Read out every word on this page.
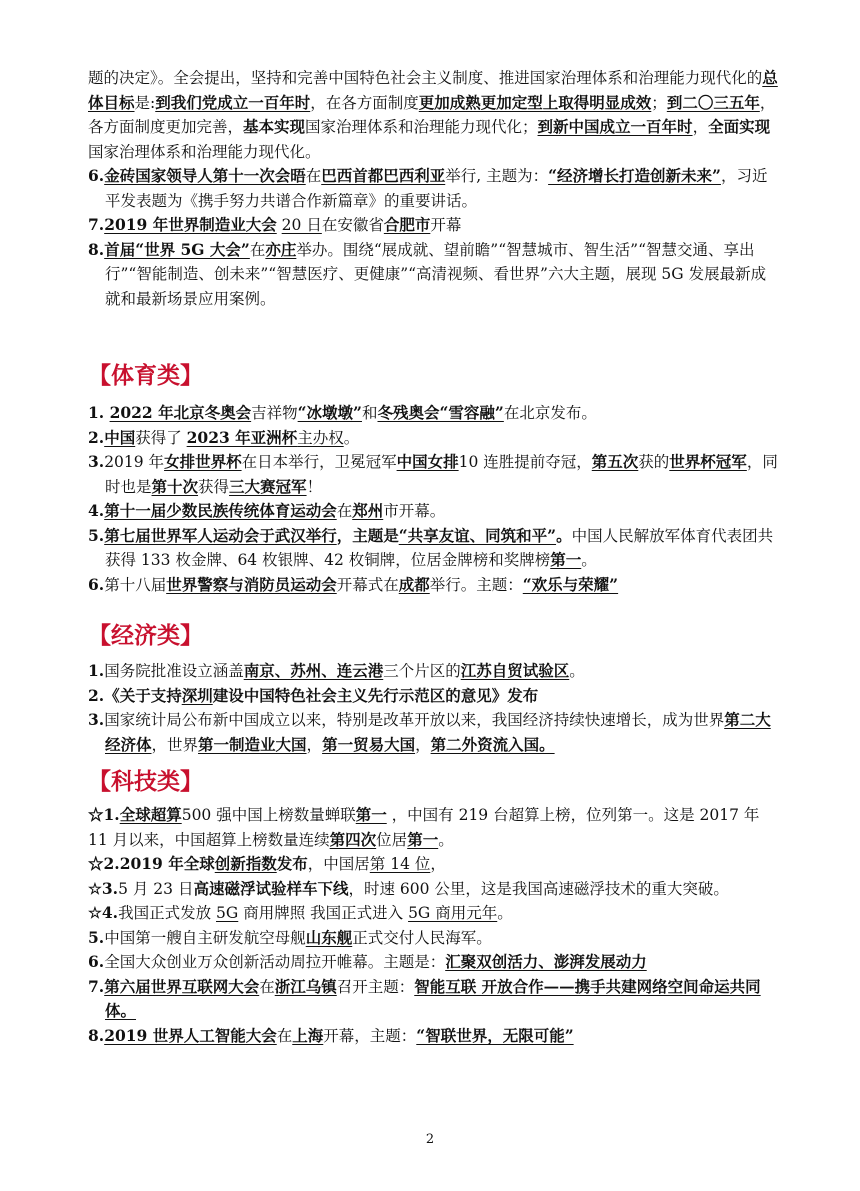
题的决定》。全会提出，坚持和完善中国特色社会主义制度、推进国家治理体系和治理能力现代化的总体目标是:到我们党成立一百年时，在各方面制度更加成熟更加定型上取得明显成效；到二〇三五年，各方面制度更加完善，基本实现国家治理体系和治理能力现代化；到新中国成立一百年时，全面实现国家治理体系和治理能力现代化。

6.金砖国家领导人第十一次会晤在巴西首都巴西利亚举行, 主题为：“经济增长打造创新未来”，习近平发表题为《携手努力共谱合作新篇章》的重要讲话。

7.2019 年世界制造业大会 20 日在安徽省合肥市开幕

8.首届“世界 5G 大会”在亦庄举办。围绕“展成就、望前瞻”“智慧城市、智生活”“智慧交通、享出行”“智能制造、创未来”“智慧医疗、更健康”“高清视频、看世界”六大主题，展现 5G 发展最新成就和最新场景应用案例。

【体育类】

1. 2022 年北京冬奥会吉祥物“冰墩墩”和冬残奥会“雪容融”在北京发布。

2.中国获得了 2023 年亚洲杯主办权。

3.2019 年女排世界杯在日本举行，卫冕冠军中国女排10 连胜提前夺冠，第五次获的世界杯冠军，同时也是第十次获得三大赛冠军！

4.第十一届少数民族传统体育运动会在郑州市开幕。

5.第七届世界军人运动会于武汉举行，主题是“共享友谊、同筑和平”。中国人民解放军体育代表团共获得 133 枚金牌、64 枚银牌、42 枚铜牌，位居金牌榜和奖牌榜第一。

6.第十八届世界警察与消防员运动会开幕式在成都举行。主题：“欢乐与荣耀”

【经济类】

1.国务院批准设立涵盖南京、苏州、连云港三个片区的江苏自贸试验区。

2.《关于支持深圳建设中国特色社会主义先行示范区的意见》发布

3.国家统计局公布新中国成立以来，特别是改革开放以来，我国经济持续快速增长，成为世界第二大经济体，世界第一制造业大国，第一贸易大国，第二外资流入国。

【科技类】

☆1.全球超算500 强中国上榜数量蝉联第一 ，中国有 219 台超算上榜，位列第一。这是 2017 年 11 月以来，中国超算上榜数量连续第四次位居第一。

☆2.2019 年全球创新指数发布，中国居第 14 位，

☆3.5 月 23 日高速磁浮试验样车下线，时速 600 公里，这是我国高速磁浮技术的重大突破。

☆4.我国正式发放 5G 商用牌照 我国正式进入 5G 商用元年。

5.中国第一艘自主研发航空母舰山东舰正式交付人民海军。

6.全国大众创业万众创新活动周拉开帷幕。主题是：汇聚双创活力、澎湃发展动力

7.第六届世界互联网大会在浙江乌镇召开主题：智能互联 开放合作——携手共建网络空间命运共同体。

8.2019 世界人工智能大会在上海开幕，主题：“智联世界，无限可能”

2
